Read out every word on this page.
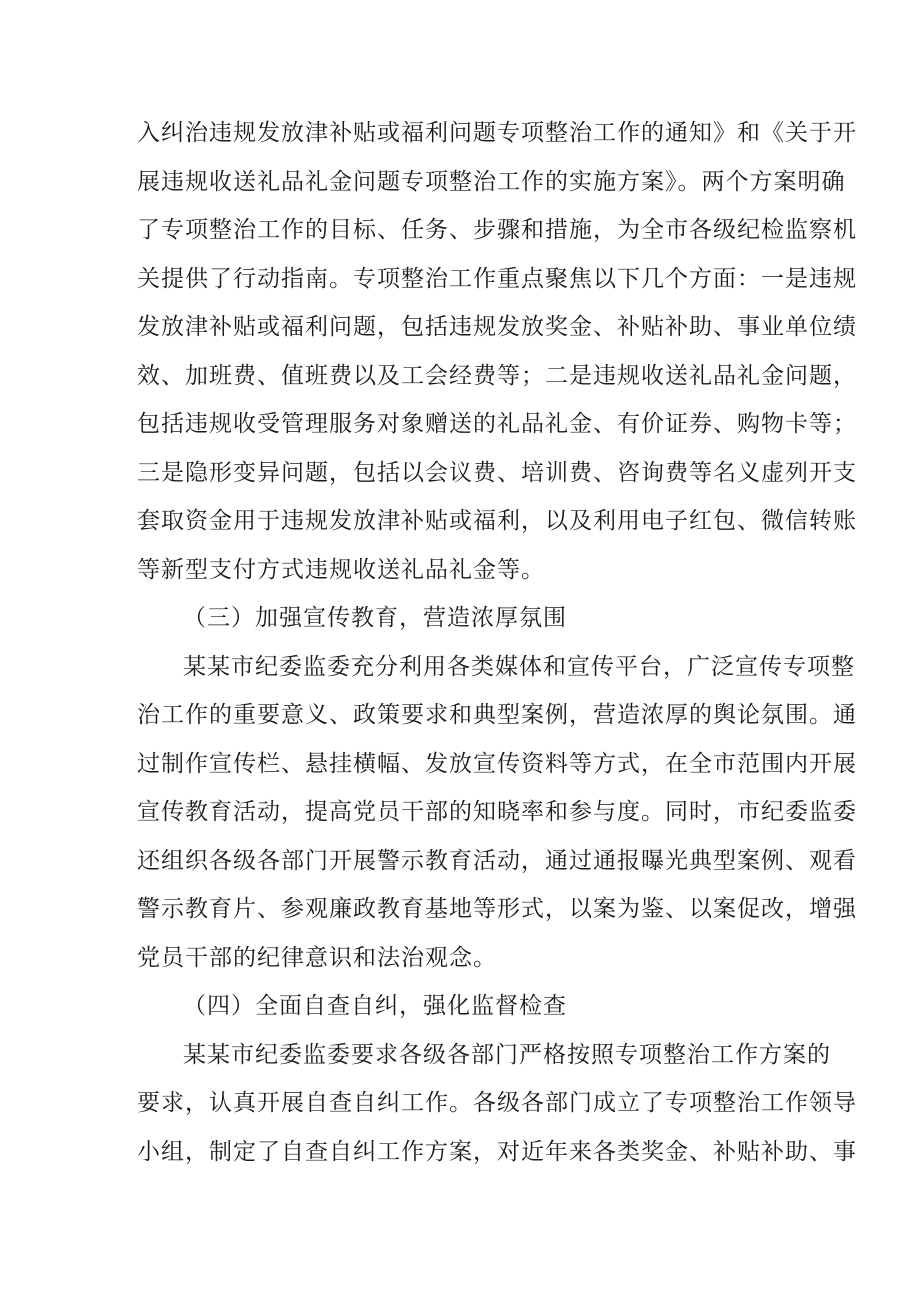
入纠治违规发放津补贴或福利问题专项整治工作的通知》和《关于开
展违规收送礼品礼金问题专项整治工作的实施方案》。两个方案明确
了专项整治工作的目标、任务、步骤和措施，为全市各级纪检监察机
关提供了行动指南。专项整治工作重点聚焦以下几个方面：一是违规
发放津补贴或福利问题，包括违规发放奖金、补贴补助、事业单位绩
效、加班费、值班费以及工会经费等；二是违规收送礼品礼金问题，
包括违规收受管理服务对象赠送的礼品礼金、有价证券、购物卡等；
三是隐形变异问题，包括以会议费、培训费、咨询费等名义虚列开支
套取资金用于违规发放津补贴或福利，以及利用电子红包、微信转账
等新型支付方式违规收送礼品礼金等。
（三）加强宣传教育，营造浓厚氛围
某某市纪委监委充分利用各类媒体和宣传平台，广泛宣传专项整
治工作的重要意义、政策要求和典型案例，营造浓厚的舆论氛围。通
过制作宣传栏、悬挂横幅、发放宣传资料等方式，在全市范围内开展
宣传教育活动，提高党员干部的知晓率和参与度。同时，市纪委监委
还组织各级各部门开展警示教育活动，通过通报曝光典型案例、观看
警示教育片、参观廉政教育基地等形式，以案为鉴、以案促改，增强
党员干部的纪律意识和法治观念。
（四）全面自查自纠，强化监督检查
某某市纪委监委要求各级各部门严格按照专项整治工作方案的
要求，认真开展自查自纠工作。各级各部门成立了专项整治工作领导
小组，制定了自查自纠工作方案，对近年来各类奖金、补贴补助、事
